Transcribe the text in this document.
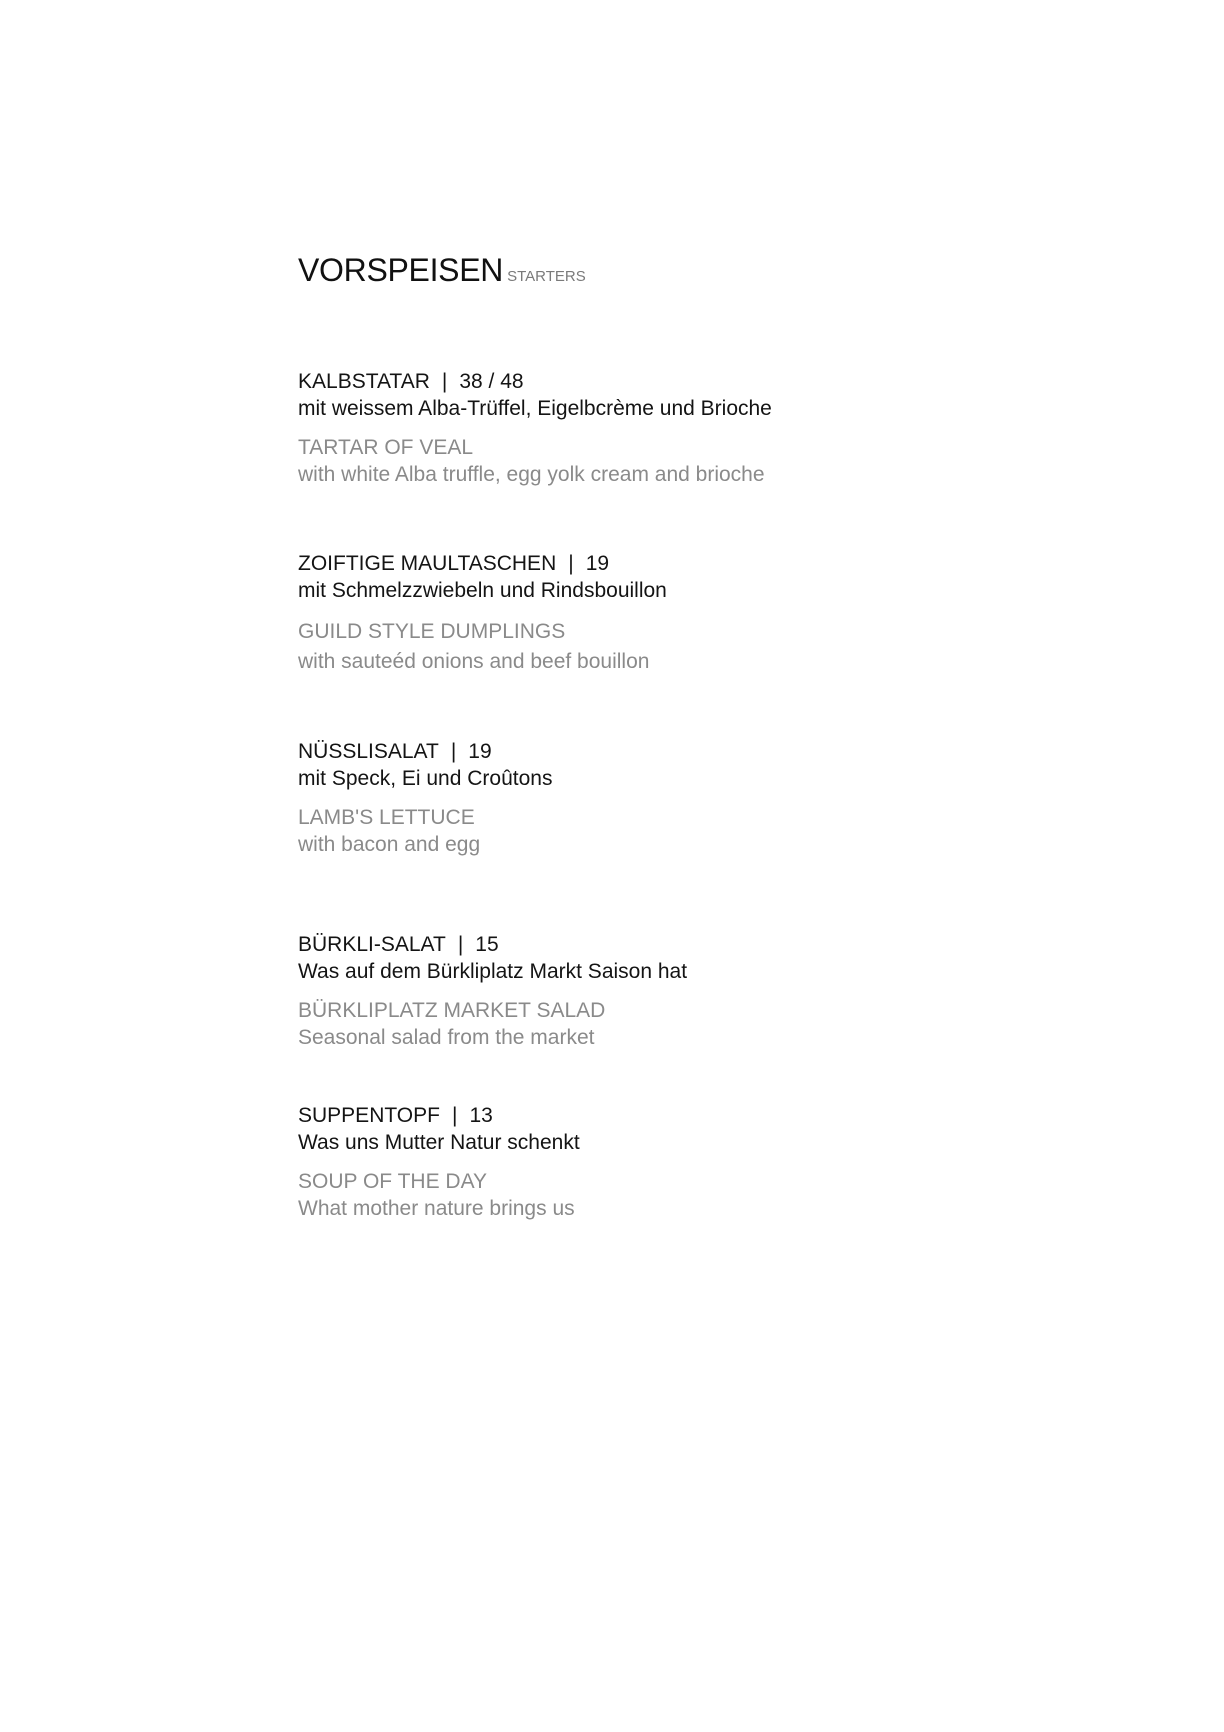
VORSPEISEN STARTERS
KALBSTATAR | 38 / 48
mit weissem Alba-Trüffel, Eigelbcrème und Brioche
TARTAR OF VEAL
with white Alba truffle, egg yolk cream and brioche
ZOIFTIGE MAULTASCHEN | 19
mit Schmelzzwiebeln und Rindsbouillon
GUILD STYLE DUMPLINGS
with sauteéd onions and beef bouillon
NÜSSLISALAT | 19
mit Speck, Ei und Croûtons
LAMB'S LETTUCE
with bacon and egg
BÜRKLI-SALAT | 15
Was auf dem Bürkliplatz Markt Saison hat
BÜRKLIPLATZ MARKET SALAD
Seasonal salad from the market
SUPPENTOPF | 13
Was uns Mutter Natur schenkt
SOUP OF THE DAY
What mother nature brings us
